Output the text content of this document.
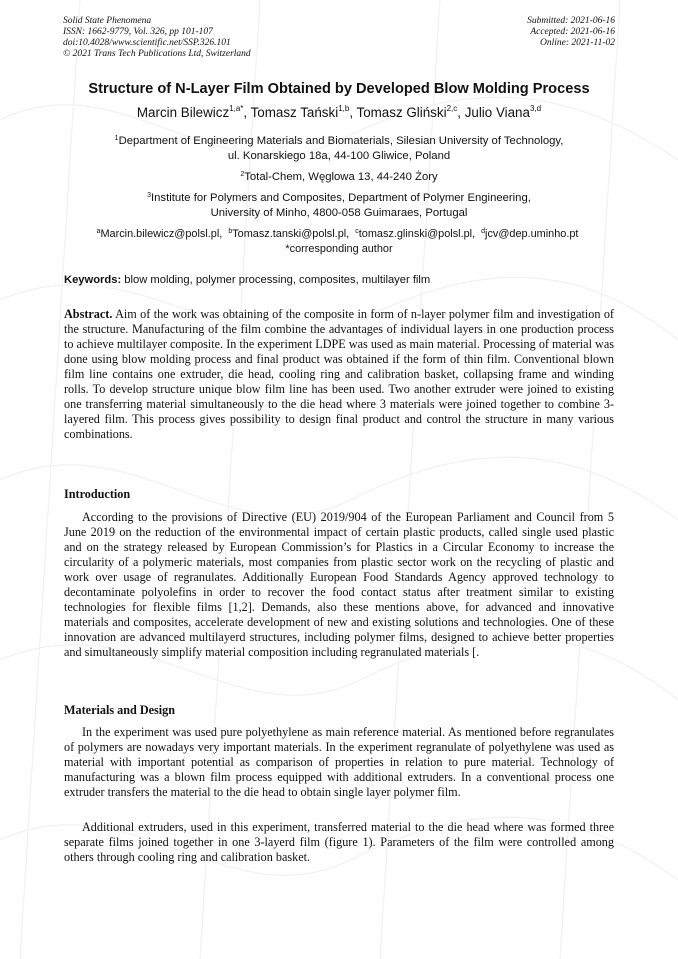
Solid State Phenomena
ISSN: 1662-9779, Vol. 326, pp 101-107
doi:10.4028/www.scientific.net/SSP.326.101
© 2021 Trans Tech Publications Ltd, Switzerland
Submitted: 2021-06-16
Accepted: 2021-06-16
Online: 2021-11-02
Structure of N-Layer Film Obtained by Developed Blow Molding Process
Marcin Bilewicz$^{1,a*}$, Tomasz Tański$^{1,b}$, Tomasz Gliński$^{2,c}$, Julio Viana$^{3,d}$
$^1$Department of Engineering Materials and Biomaterials, Silesian University of Technology,
ul. Konarskiego 18a, 44-100 Gliwice, Poland
$^2$Total-Chem, Węglowa 13, 44-240 Żory
$^3$Institute for Polymers and Composites, Department of Polymer Engineering,
University of Minho, 4800-058 Guimaraes, Portugal
$^a$Marcin.bilewicz@polsl.pl, $^b$Tomasz.tanski@polsl.pl, $^c$tomasz.glinski@polsl.pl, $^d$jcv@dep.uminho.pt
*corresponding author
Keywords: blow molding, polymer processing, composites, multilayer film
Abstract. Aim of the work was obtaining of the composite in form of n-layer polymer film and investigation of the structure. Manufacturing of the film combine the advantages of individual layers in one production process to achieve multilayer composite. In the experiment LDPE was used as main material. Processing of material was done using blow molding process and final product was obtained if the form of thin film. Conventional blown film line contains one extruder, die head, cooling ring and calibration basket, collapsing frame and winding rolls. To develop structure unique blow film line has been used. Two another extruder were joined to existing one transferring material simultaneously to the die head where 3 materials were joined together to combine 3-layered film. This process gives possibility to design final product and control the structure in many various combinations.
Introduction
According to the provisions of Directive (EU) 2019/904 of the European Parliament and Council from 5 June 2019 on the reduction of the environmental impact of certain plastic products, called single used plastic and on the strategy released by European Commission’s for Plastics in a Circular Economy to increase the circularity of a polymeric materials, most companies from plastic sector work on the recycling of plastic and work over usage of regranulates. Additionally European Food Standards Agency approved technology to decontaminate polyolefins in order to recover the food contact status after treatment similar to existing technologies for flexible films [1,2]. Demands, also these mentions above, for advanced and innovative materials and composites, accelerate development of new and existing solutions and technologies. One of these innovation are advanced multilayerd structures, including polymer films, designed to achieve better properties and simultaneously simplify material composition including regranulated materials [.
Materials and Design
In the experiment was used pure polyethylene as main reference material. As mentioned before regranulates of polymers are nowadays very important materials. In the experiment regranulate of polyethylene was used as material with important potential as comparison of properties in relation to pure material. Technology of manufacturing was a blown film process equipped with additional extruders. In a conventional process one extruder transfers the material to the die head to obtain single layer polymer film.
Additional extruders, used in this experiment, transferred material to the die head where was formed three separate films joined together in one 3-layerd film (figure 1). Parameters of the film were controlled among others through cooling ring and calibration basket.
